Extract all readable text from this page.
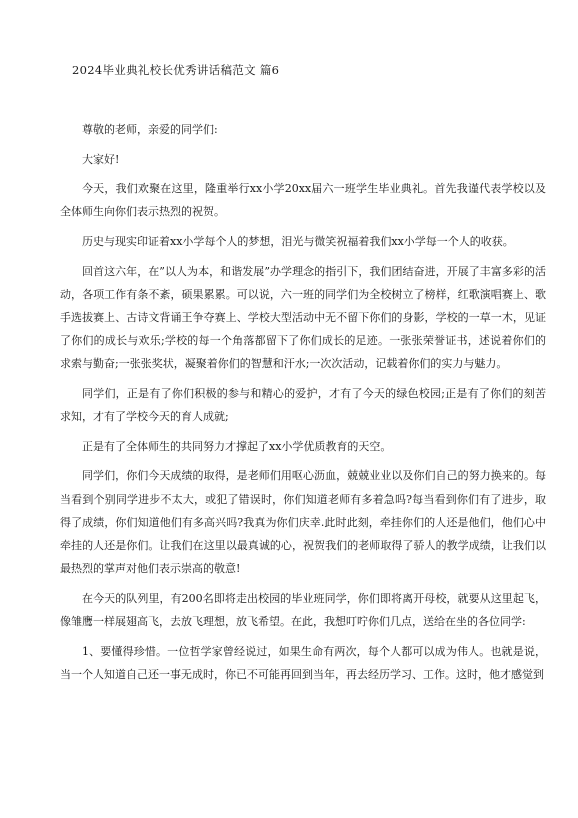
2024毕业典礼校长优秀讲话稿范文 篇6

尊敬的老师，亲爱的同学们:

大家好!

今天，我们欢聚在这里，隆重举行xx小学20xx届六一班学生毕业典礼。首先我谨代表学校以及全体师生向你们表示热烈的祝贺。

历史与现实印证着xx小学每个人的梦想，泪光与微笑祝福着我们xx小学每一个人的收获。

回首这六年，在”以人为本，和谐发展”办学理念的指引下，我们团结奋进，开展了丰富多彩的活动，各项工作有条不紊，硕果累累。可以说，六一班的同学们为全校树立了榜样，红歌演唱赛上、歌手选拔赛上、古诗文背诵王争夺赛上、学校大型活动中无不留下你们的身影，学校的一草一木，见证了你们的成长与欢乐;学校的每一个角落都留下了你们成长的足迹。一张张荣誉证书，述说着你们的求索与勤奋;一张张奖状，凝聚着你们的智慧和汗水;一次次活动，记载着你们的实力与魅力。

同学们，正是有了你们积极的参与和精心的爱护，才有了今天的绿色校园;正是有了你们的刻苦求知，才有了学校今天的育人成就;

正是有了全体师生的共同努力才撑起了xx小学优质教育的天空。

同学们，你们今天成绩的取得，是老师们用呕心沥血，兢兢业业以及你们自己的努力换来的。每当看到个别同学进步不太大，或犯了错误时，你们知道老师有多着急吗?每当看到你们有了进步，取得了成绩，你们知道他们有多高兴吗?我真为你们庆幸.此时此刻，牵挂你们的人还是他们，他们心中牵挂的人还是你们。让我们在这里以最真诚的心，祝贺我们的老师取得了骄人的教学成绩，让我们以最热烈的掌声对他们表示崇高的敬意!

在今天的队列里，有200名即将走出校园的毕业班同学，你们即将离开母校，就要从这里起飞，像雏鹰一样展翅高飞，去放飞理想，放飞希望。在此，我想叮咛你们几点，送给在坐的各位同学:

1、要懂得珍惜。一位哲学家曾经说过，如果生命有两次，每个人都可以成为伟人。也就是说，当一个人知道自己还一事无成时，你已不可能再回到当年，再去经历学习、工作。这时，他才感觉到
